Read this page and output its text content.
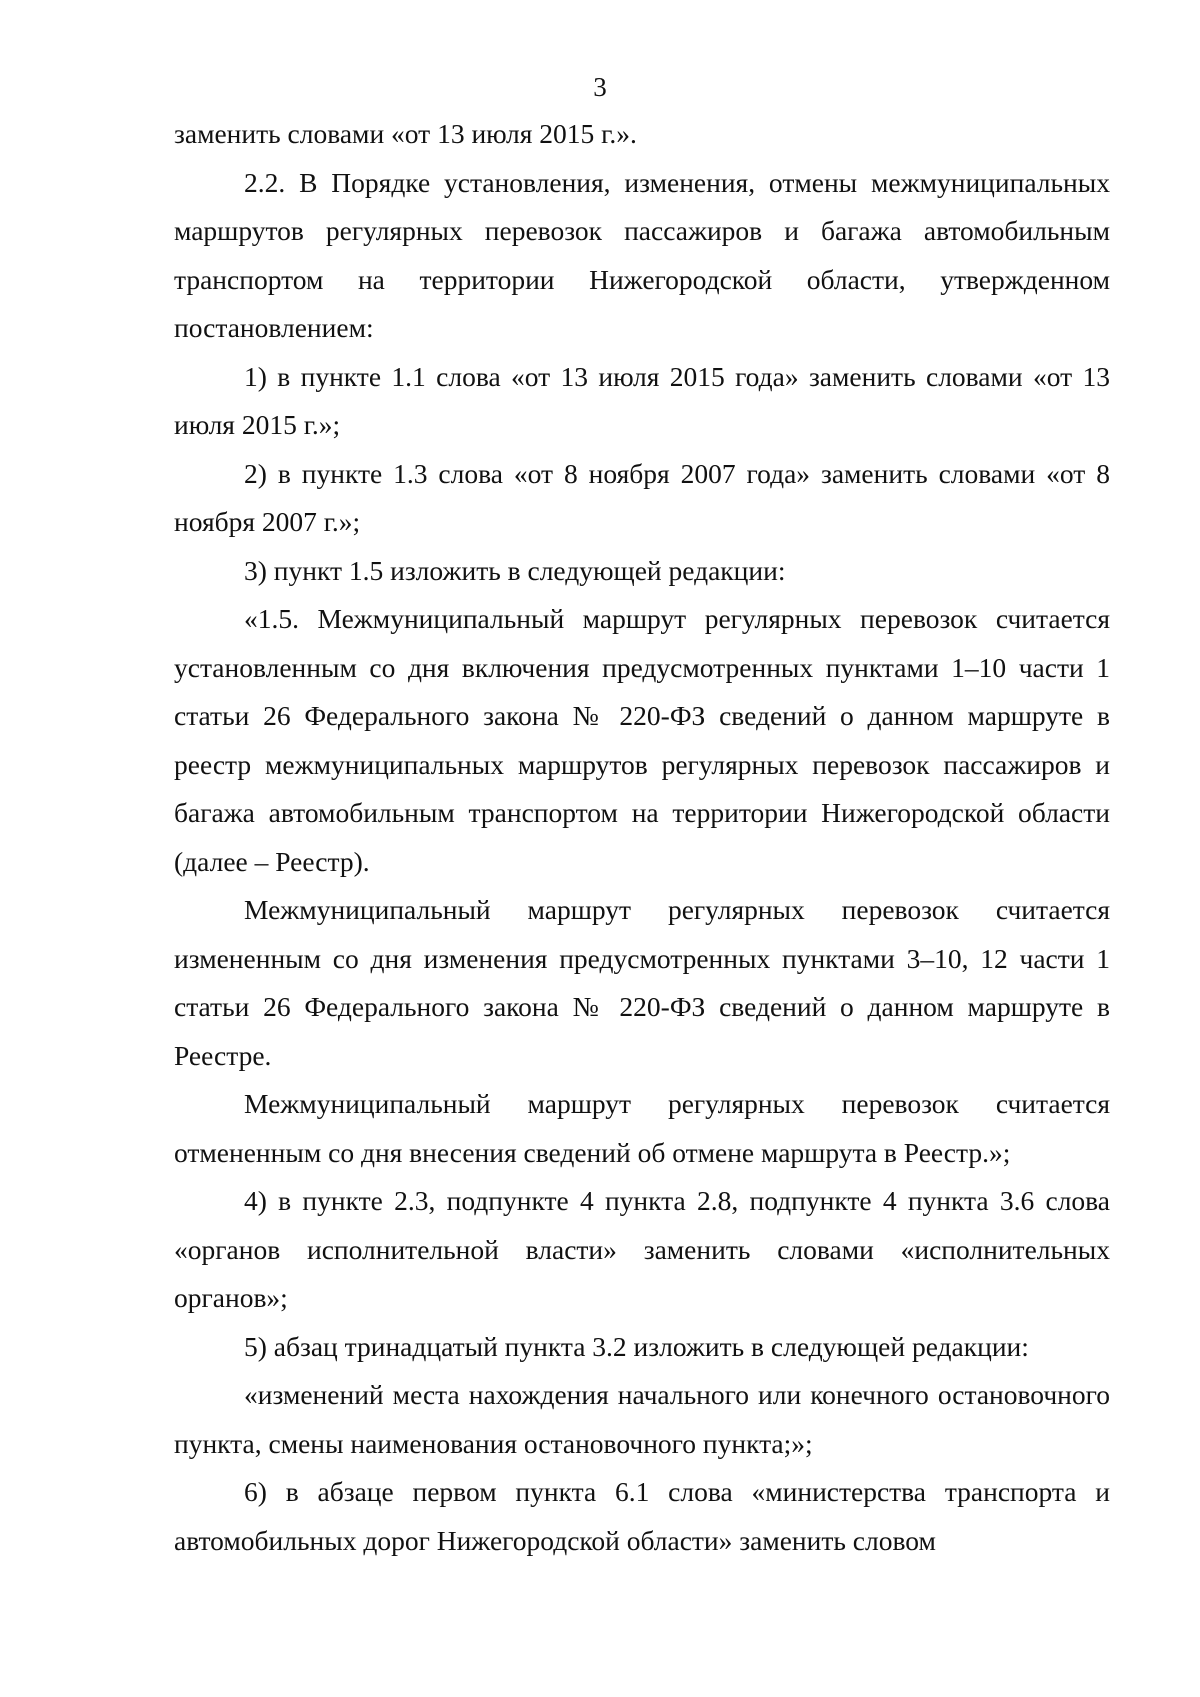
3

заменить словами «от 13 июля 2015 г.».

2.2. В Порядке установления, изменения, отмены межмуниципальных маршрутов регулярных перевозок пассажиров и багажа автомобильным транспортом на территории Нижегородской области, утвержденном постановлением:

1) в пункте 1.1 слова «от 13 июля 2015 года» заменить словами «от 13 июля 2015 г.»;

2) в пункте 1.3 слова «от 8 ноября 2007 года» заменить словами «от 8 ноября 2007 г.»;

3) пункт 1.5 изложить в следующей редакции:

«1.5. Межмуниципальный маршрут регулярных перевозок считается установленным со дня включения предусмотренных пунктами 1–10 части 1 статьи 26 Федерального закона № 220-ФЗ сведений о данном маршруте в реестр межмуниципальных маршрутов регулярных перевозок пассажиров и багажа автомобильным транспортом на территории Нижегородской области (далее – Реестр).

Межмуниципальный маршрут регулярных перевозок считается измененным со дня изменения предусмотренных пунктами 3–10, 12 части 1 статьи 26 Федерального закона № 220-ФЗ сведений о данном маршруте в Реестре.

Межмуниципальный маршрут регулярных перевозок считается отмененным со дня внесения сведений об отмене маршрута в Реестр.»;

4) в пункте 2.3, подпункте 4 пункта 2.8, подпункте 4 пункта 3.6 слова «органов исполнительной власти» заменить словами «исполнительных органов»;

5) абзац тринадцатый пункта 3.2 изложить в следующей редакции:

«изменений места нахождения начального или конечного остановочного пункта, смены наименования остановочного пункта;»;

6) в абзаце первом пункта 6.1 слова «министерства транспорта и автомобильных дорог Нижегородской области» заменить словом
